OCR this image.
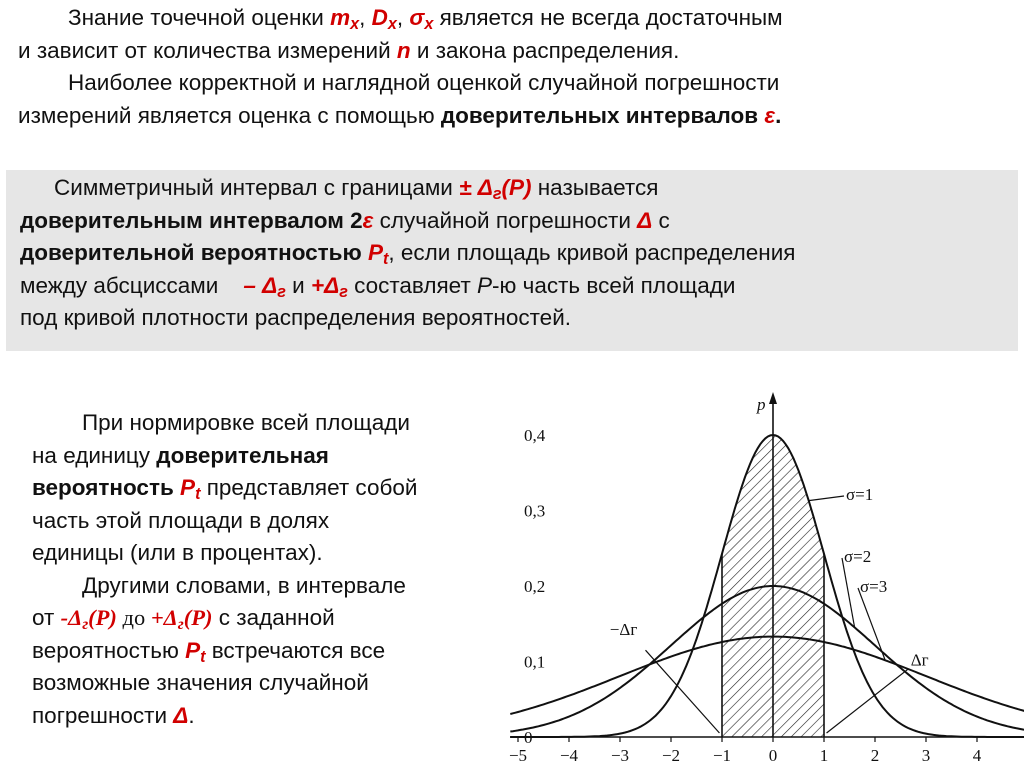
Знание точечной оценки $m_x$, $D_x$, $\sigma_x$ является не всегда достаточным
и зависит от количества измерений n и закона распределения.
Наиболее корректной и наглядной оценкой случайной погрешности
измерений является оценка с помощью доверительных интервалов ε.
Симметричный интервал с границами ± $\Delta_г(P)$ называется
доверительным интервалом 2ε случайной погрешности Δ с
доверительной вероятностью $P_t$, если площадь кривой распределения
между абсциссами    – $\Delta_г$ $и +\Delta_г$ составляет P-ю часть всей площади
под кривой плотности распределения вероятностей.
При нормировке всей площади
на единицу доверительная
вероятность $P_t$ представляет собой
часть этой площади в долях
единицы (или в процентах).
Другими словами, в интервале
от $-\Delta_г(P)$ до $+\Delta_г(P)$ с заданной
вероятностью $P_t$ встречаются все
возможные значения случайной
погрешности Δ.
−5 −4 −3 −2 −1 0	1	2	3	4
0
0,1
0,2
0,3
0,4
p
σ=1
σ=2
σ=3
−Δг
Δг
